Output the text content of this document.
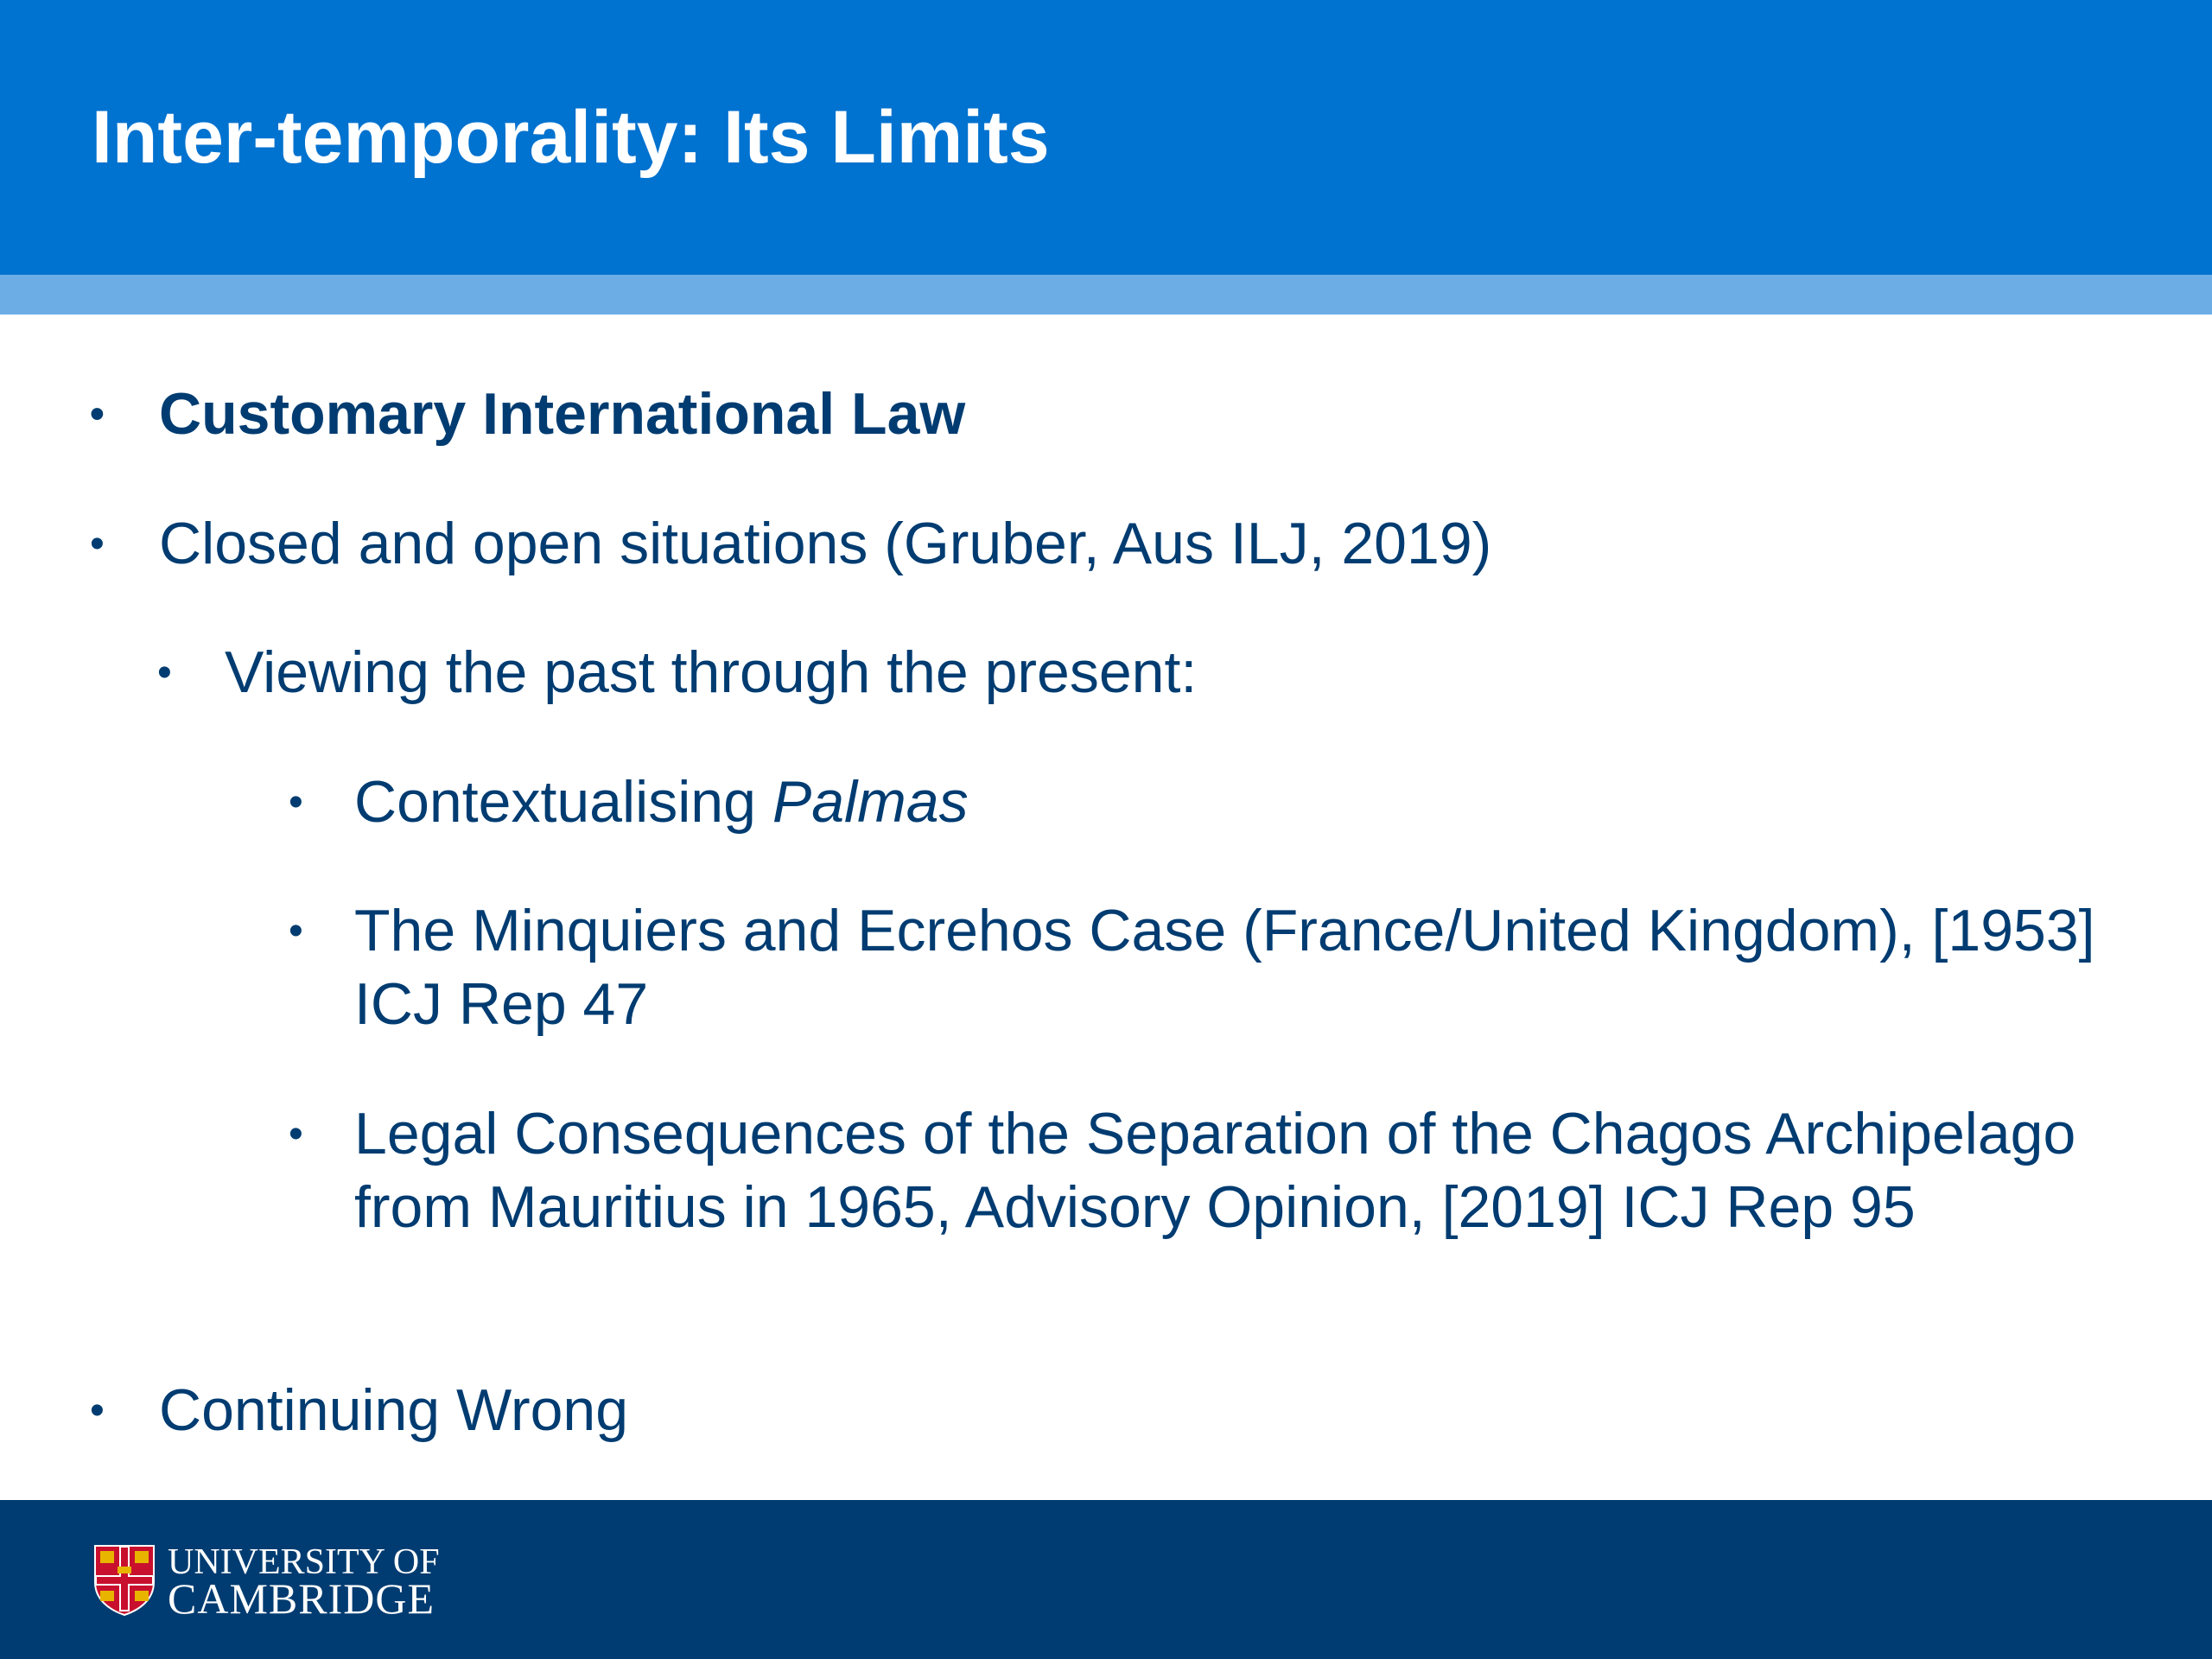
Inter-temporality: Its Limits
• Customary International Law
• Closed and open situations (Gruber, Aus ILJ, 2019)
• Viewing the past through the present:
• Contextualising Palmas
• The Minquiers and Ecrehos Case (France/United Kingdom), [1953] ICJ Rep 47
• Legal Consequences of the Separation of the Chagos Archipelago from Mauritius in 1965, Advisory Opinion, [2019] ICJ Rep 95
• Continuing Wrong
UNIVERSITY OF
CAMBRIDGE
